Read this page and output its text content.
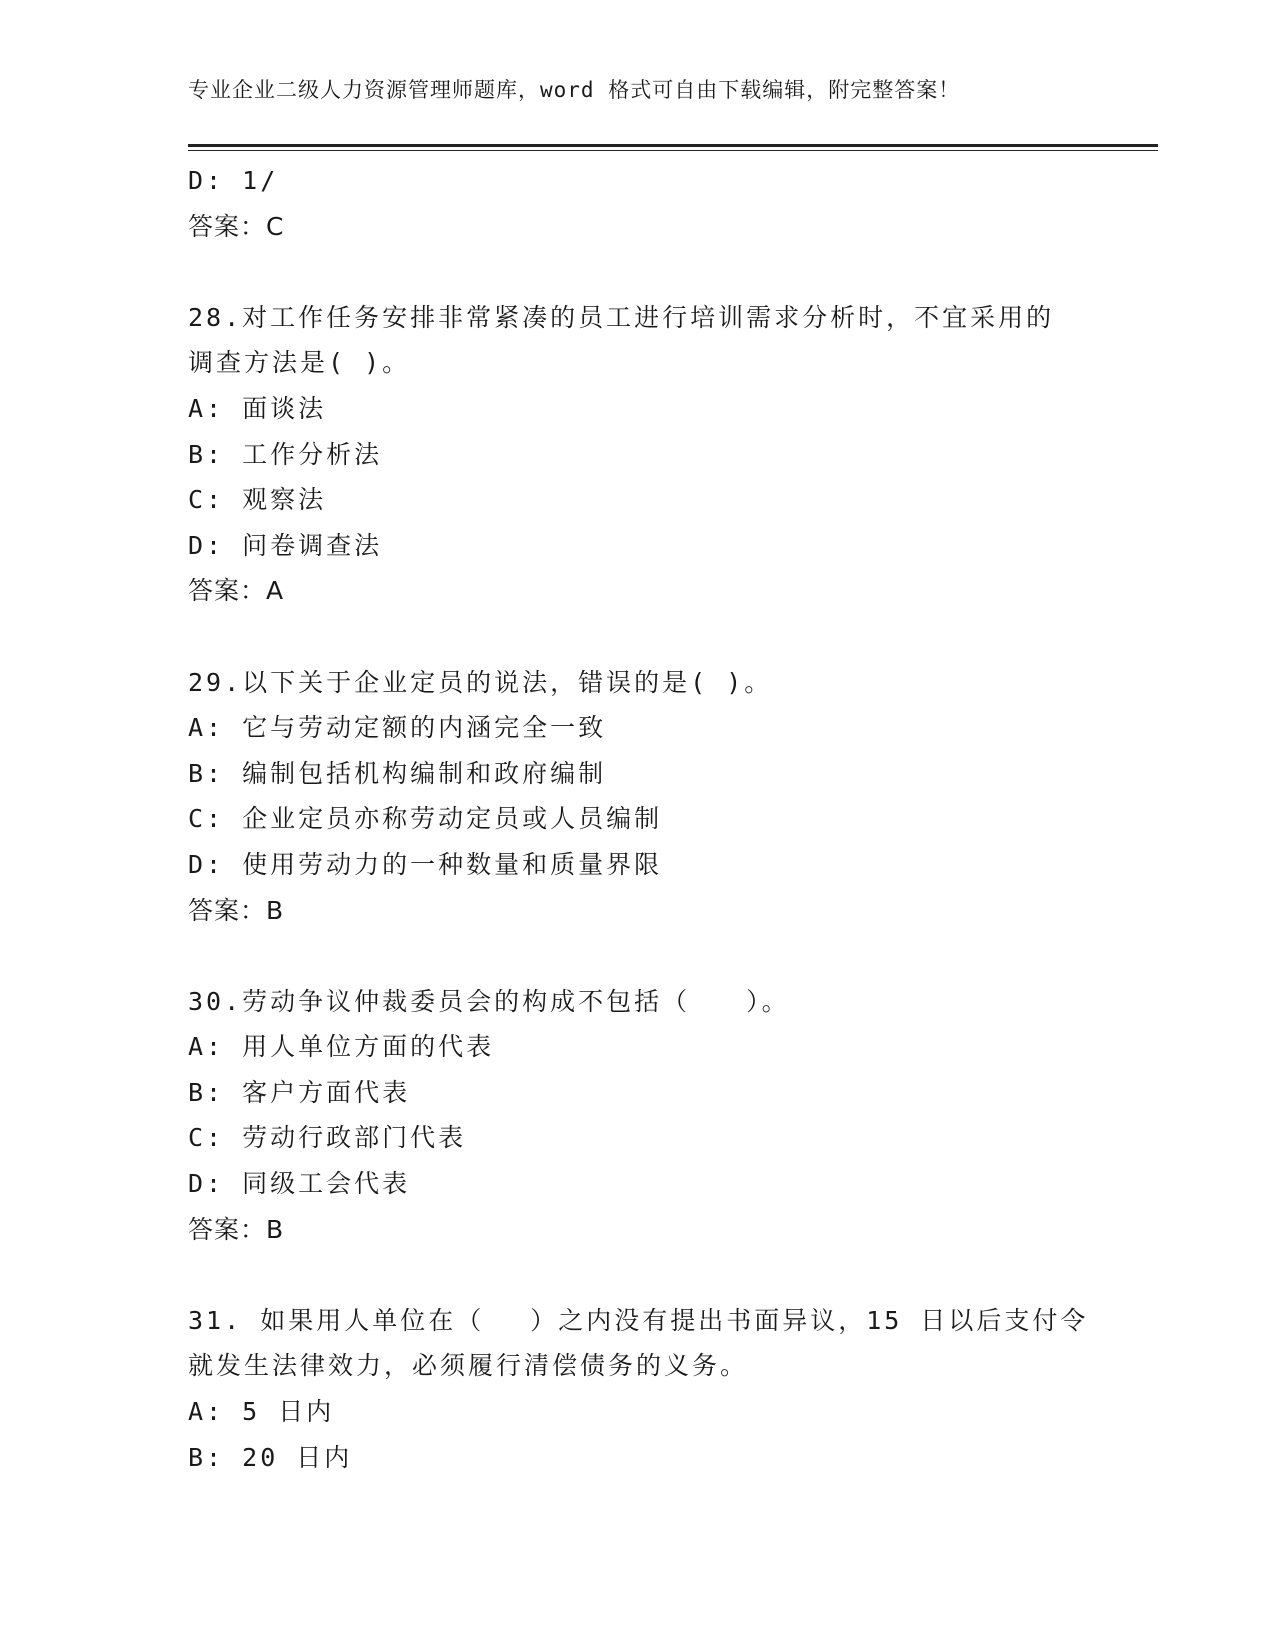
专业企业二级人力资源管理师题库，word 格式可自由下载编辑，附完整答案！
D: 1/
答案：C
28.对工作任务安排非常紧凑的员工进行培训需求分析时，不宜采用的
调查方法是( )。
A: 面谈法
B: 工作分析法
C: 观察法
D: 问卷调查法
答案：A
29.以下关于企业定员的说法，错误的是( )。
A: 它与劳动定额的内涵完全一致
B: 编制包括机构编制和政府编制
C: 企业定员亦称劳动定员或人员编制
D: 使用劳动力的一种数量和质量界限
答案：B
30.劳动争议仲裁委员会的构成不包括（　　）。
A: 用人单位方面的代表
B: 客户方面代表
C: 劳动行政部门代表
D: 同级工会代表
答案：B
31. 如果用人单位在（　 ）之内没有提出书面异议，15 日以后支付令
就发生法律效力，必须履行清偿债务的义务。
A: 5 日内
B: 20 日内
